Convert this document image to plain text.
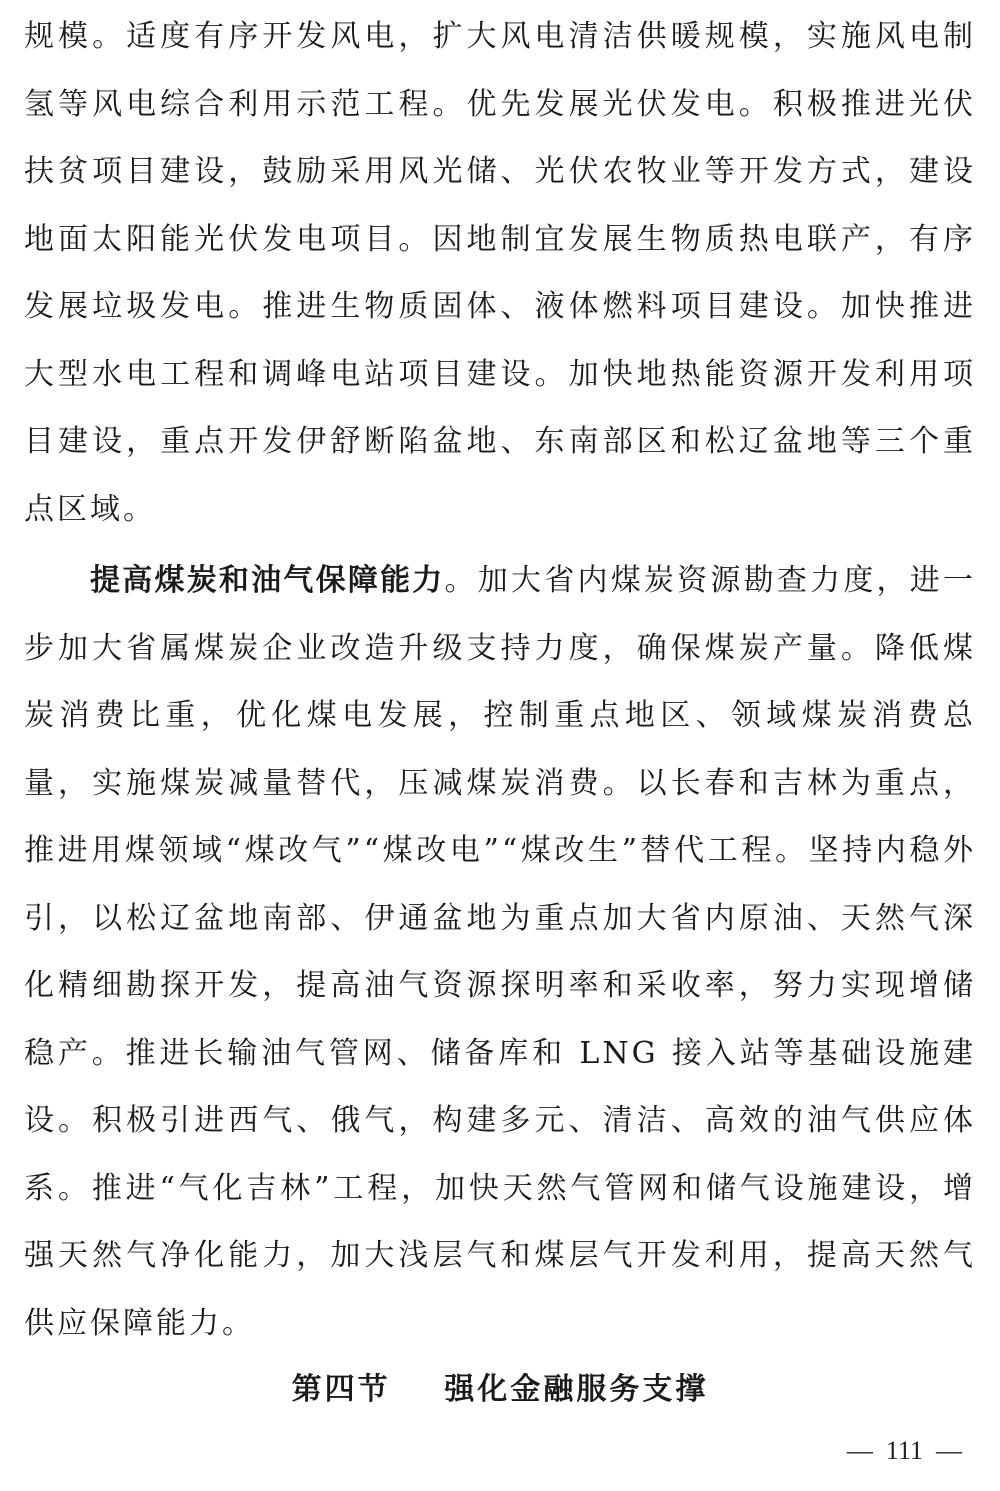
规模。适度有序开发风电，扩大风电清洁供暖规模，实施风电制氢等风电综合利用示范工程。优先发展光伏发电。积极推进光伏扶贫项目建设，鼓励采用风光储、光伏农牧业等开发方式，建设地面太阳能光伏发电项目。因地制宜发展生物质热电联产，有序发展垃圾发电。推进生物质固体、液体燃料项目建设。加快推进大型水电工程和调峰电站项目建设。加快地热能资源开发利用项目建设，重点开发伊舒断陷盆地、东南部区和松辽盆地等三个重点区域。

提高煤炭和油气保障能力。加大省内煤炭资源勘查力度，进一步加大省属煤炭企业改造升级支持力度，确保煤炭产量。降低煤炭消费比重，优化煤电发展，控制重点地区、领域煤炭消费总量，实施煤炭减量替代，压减煤炭消费。以长春和吉林为重点，推进用煤领域“煤改气”“煤改电”“煤改生”替代工程。坚持内稳外引，以松辽盆地南部、伊通盆地为重点加大省内原油、天然气深化精细勘探开发，提高油气资源探明率和采收率，努力实现增储稳产。推进长输油气管网、储备库和 LNG 接入站等基础设施建设。积极引进西气、俄气，构建多元、清洁、高效的油气供应体系。推进“气化吉林”工程，加快天然气管网和储气设施建设，增强天然气净化能力，加大浅层气和煤层气开发利用，提高天然气供应保障能力。

第四节    强化金融服务支撑
—  111  —
